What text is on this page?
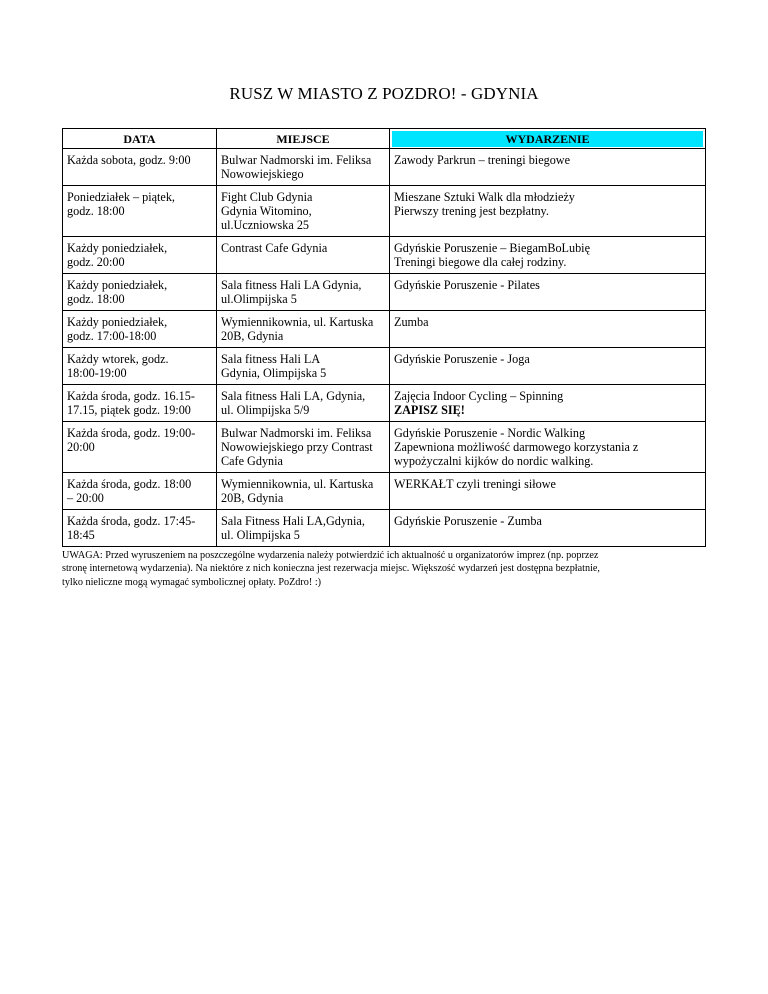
RUSZ W MIASTO Z POZDRO! - GDYNIA
DATA	MIEJSCE	WYDARZENIE

Każda sobota, godz. 9:00	Bulwar Nadmorski im. Feliksa
Nowowiejskiego	Zawody Parkrun – treningi biegowe

Poniedziałek – piątek,
godz. 18:00	Fight Club Gdynia
Gdynia Witomino,
ul.Uczniowska 25	Mieszane Sztuki Walk dla młodzieży
Pierwszy trening jest bezpłatny.

Każdy poniedziałek,
godz. 20:00	Contrast Cafe Gdynia	Gdyńskie Poruszenie – BiegamBoLubię
Treningi biegowe dla całej rodziny.

Każdy poniedziałek,
godz. 18:00	Sala fitness Hali LA Gdynia,
ul.Olimpijska 5	Gdyńskie Poruszenie - Pilates

Każdy poniedziałek,
godz. 17:00-18:00	Wymiennikownia, ul. Kartuska
20B, Gdynia	Zumba

Każdy wtorek, godz.
18:00-19:00	Sala fitness Hali LA
Gdynia, Olimpijska 5	Gdyńskie Poruszenie - Joga

Każda środa, godz. 16.15-
17.15, piątek godz. 19:00	Sala fitness Hali LA, Gdynia,
ul. Olimpijska 5/9	Zajęcia Indoor Cycling – Spinning
ZAPISZ SIĘ!

Każda środa, godz. 19:00-
20:00	Bulwar Nadmorski im. Feliksa
Nowowiejskiego przy Contrast
Cafe Gdynia	Gdyńskie Poruszenie - Nordic Walking
Zapewniona możliwość darmowego korzystania z
wypożyczalni kijków do nordic walking.

Każda środa, godz. 18:00
– 20:00	Wymiennikownia, ul. Kartuska
20B, Gdynia	WERKAŁT czyli treningi siłowe

Każda środa, godz. 17:45-
18:45	Sala Fitness Hali LA,Gdynia,
ul. Olimpijska 5	Gdyńskie Poruszenie - Zumba
UWAGA: Przed wyruszeniem na poszczególne wydarzenia należy potwierdzić ich aktualność u organizatorów imprez (np. poprzez
stronę internetową wydarzenia). Na niektóre z nich konieczna jest rezerwacja miejsc. Większość wydarzeń jest dostępna bezpłatnie,
tylko nieliczne mogą wymagać symbolicznej opłaty. PoZdro! :)
